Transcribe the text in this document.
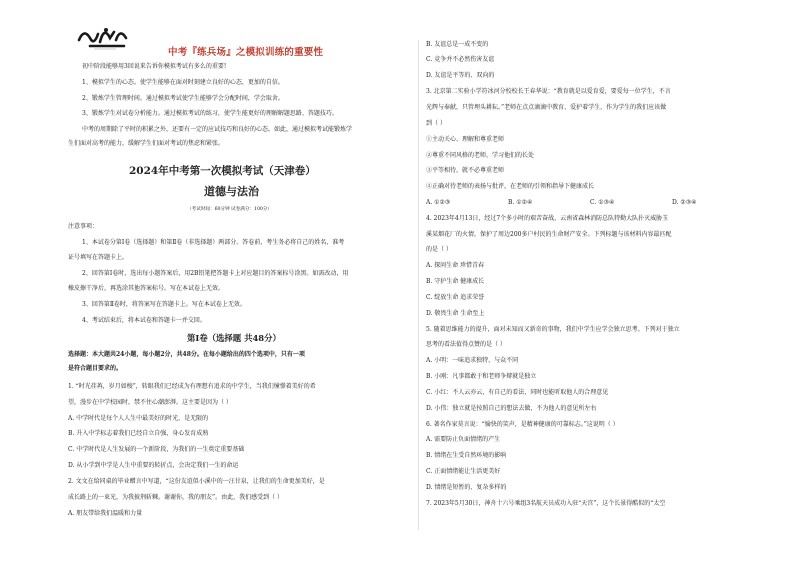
中考『练兵场』之模拟训练的重要性
初中阶段能够用3回说来告诉你模拟考试有多么的重要!
1、模拟学生的心态。使学生能够在面对时刻建立良好的心态，更加的自信。
2、锻炼学生管理时间。通过模拟考试使学生能够学会分配时间，学会取舍。
3、锻炼学生对试卷分析能力。通过模拟考试的练习，使学生能更好的理解解题思路、答题技巧。
中考的周期除了平时的积累之外，还要有一定的应试技巧和良好的心态。如此，通过模拟考试能锻炼学
生们面对高考的能力，缓解学生们面对考试的焦虑和紧张。
2024年中考第一次模拟考试（天津卷）
道德与法治
（考试时间：60分钟 试卷满分：100分）
注意事项：
1、本试卷分第Ⅰ卷（选择题）和第Ⅱ卷（非选择题）两部分。答卷前，考生务必将自己的姓名、准考
证号填写在答题卡上。
2、回答第Ⅰ卷时，选出每小题答案后，用2B铅笔把答题卡上对应题目的答案标号涂黑。如需改动，用
橡皮擦干净后，再选涂其他答案标号。写在本试卷上无效。
3、回答第Ⅱ卷时，将答案写在答题卡上。写在本试卷上无效。
4、考试结束后，将本试卷和答题卡一并交回。
第Ⅰ卷（选择题 共48分）
选择题：本大题共24小题，每小题2分，共48分。在每小题给出的四个选项中，只有一项
是符合题目要求的。
1. “时光荏苒，岁月如梭”，转眼我们已经成为有理想有追求的中学生，当我们憧憬着美好的希
望，漫步在中学校园时，禁不住心潮澎湃。这主要是因为（ ）
A. 中学时代是每个人人生中最美好的时光，是无限的
B. 升入中学标志着我们已经自立自强，身心发育成熟
C. 中学时代是人生发展的一个新阶段，为我们的一生奠定重要基础
D. 从小学到中学是人生中重要的转折点，会决定我们一生的命运
2. 文文在给同桌的毕业赠言中写道，“这份友谊似小溪中的一汪甘泉，让我们的生命更加美好，是
成长路上的一束光，为我披荆斩棘。谢谢你，我的朋友”。由此，我们感受到（ ）
A. 朋友带给我们温暖和力量
B. 友谊总是一成不变的
C. 竞争并不必然伤害友谊
D. 友谊是平等的、双向的
3. 北京第二实验小学符冰河分校校长王春华说：“教育就是以爱育爱，要爱每一位学生，不言
光辉与奉献，只管埋头耕耘。”老师在点点滴滴中教育、爱护着学生，作为学生的我们应该做
到（ ）
①主动关心、理解和尊重老师
②尊重不同风格的老师，学习他们的长处
③平等相待，就不必尊重老师
④正确对待老师的表扬与批评，在老师的引领和指导下健康成长
A. ①②③	B. ①②④	C. ①③④	D. ②③④
4. 2023年4月13日，经过7个多小时的艰苦奋战，云南省森林消防总队特勤大队扑灭威胁玉
溪某烟花厂的火情，保护了周边200多户村民的生命财产安全。下列标题与该材料内容最匹配
的是（ ）
A. 探问生命 珍惜青春
B. 守护生命 健康成长
C. 绽放生命 追求荣誉
D. 敬畏生命 生命至上
5. 随着思维能力的提升，面对未知而又新奇的事物，我们中学生应学会独立思考。下列对于独立
思考的看法值得点赞的是（ ）
A. 小明：一味追求独特，与众不同
B. 小刚：凡事都敢于和老师争辩就是独立
C. 小红：不人云亦云，有自己的看法，同时也能听取他人的合理意见
D. 小伟：独立就是按照自己的想法去做，不为他人的意见所左右
6. 著名作家莫言说：“愉快的笑声，是精神健康的可靠标志。”这说明（ ）
A. 需要防止负面情绪的产生
B. 情绪在生受自然环境的影响
C. 正面情绪能让生活更美好
D. 情绪是短暂的、复杂多样的
7. 2023年5月30日，神舟十六号乘组3名航天员成功入驻“天宫”，这个长景得酷似的“太空
